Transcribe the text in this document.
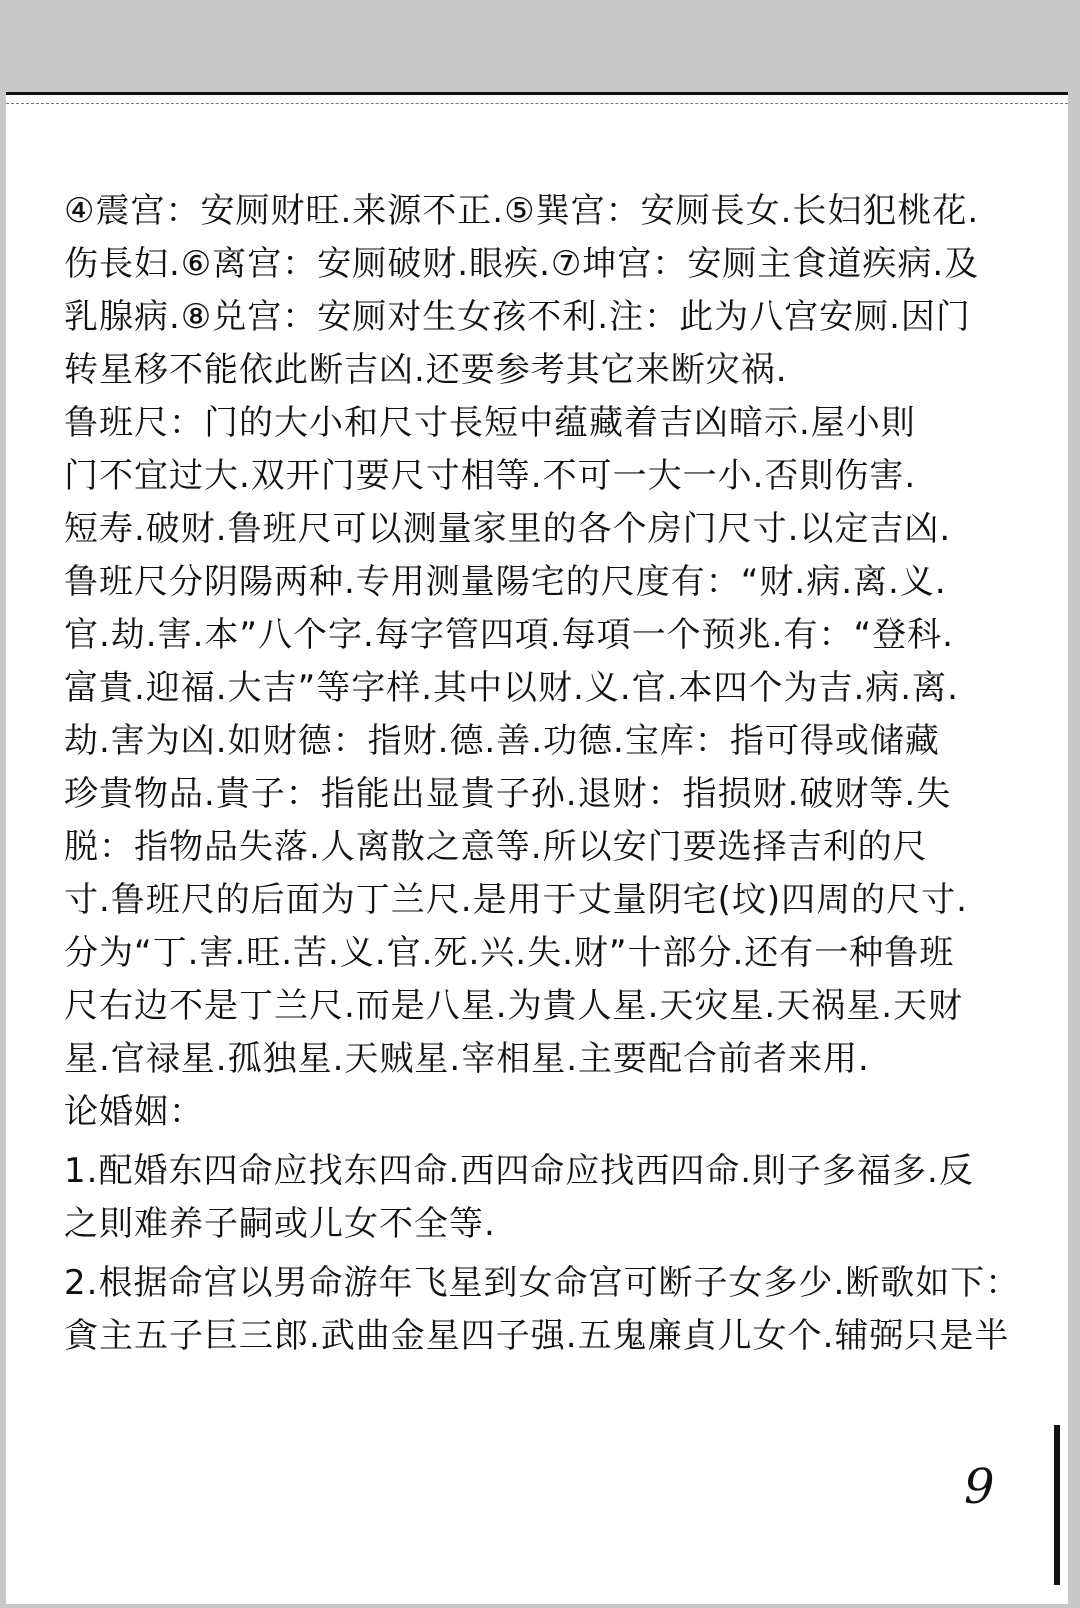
④震宫：安厕财旺.来源不正.⑤巽宫：安厕長女.长妇犯桃花.

伤長妇.⑥离宫：安厕破财.眼疾.⑦坤宫：安厕主食道疾病.及

乳腺病.⑧兑宫：安厕对生女孩不利.注：此为八宫安厕.因门

转星移不能依此断吉凶.还要参考其它来断灾祸.

鲁班尺：门的大小和尺寸長短中蕴藏着吉凶暗示.屋小則

门不宜过大.双开门要尺寸相等.不可一大一小.否則伤害.

短寿.破财.鲁班尺可以测量家里的各个房门尺寸.以定吉凶.

鲁班尺分阴陽两种.专用测量陽宅的尺度有：“财.病.离.义.

官.劫.害.本”八个字.每字管四項.每項一个预兆.有：“登科.

富貴.迎福.大吉”等字样.其中以财.义.官.本四个为吉.病.离.

劫.害为凶.如财德：指财.德.善.功德.宝库：指可得或储藏

珍貴物品.貴子：指能出显貴子孙.退财：指损财.破财等.失

脱：指物品失落.人离散之意等.所以安门要选择吉利的尺

寸.鲁班尺的后面为丁兰尺.是用于丈量阴宅(坟)四周的尺寸.

分为“丁.害.旺.苦.义.官.死.兴.失.财”十部分.还有一种鲁班

尺右边不是丁兰尺.而是八星.为貴人星.天灾星.天祸星.天财

星.官禄星.孤独星.天贼星.宰相星.主要配合前者来用.

论婚姻：

1.配婚东四命应找东四命.西四命应找西四命.則子多福多.反

之則难养子嗣或儿女不全等.

2.根据命宫以男命游年飞星到女命宫可断子女多少.断歌如下：

貪主五子巨三郎.武曲金星四子强.五鬼廉貞儿女个.辅弼只是半

9
